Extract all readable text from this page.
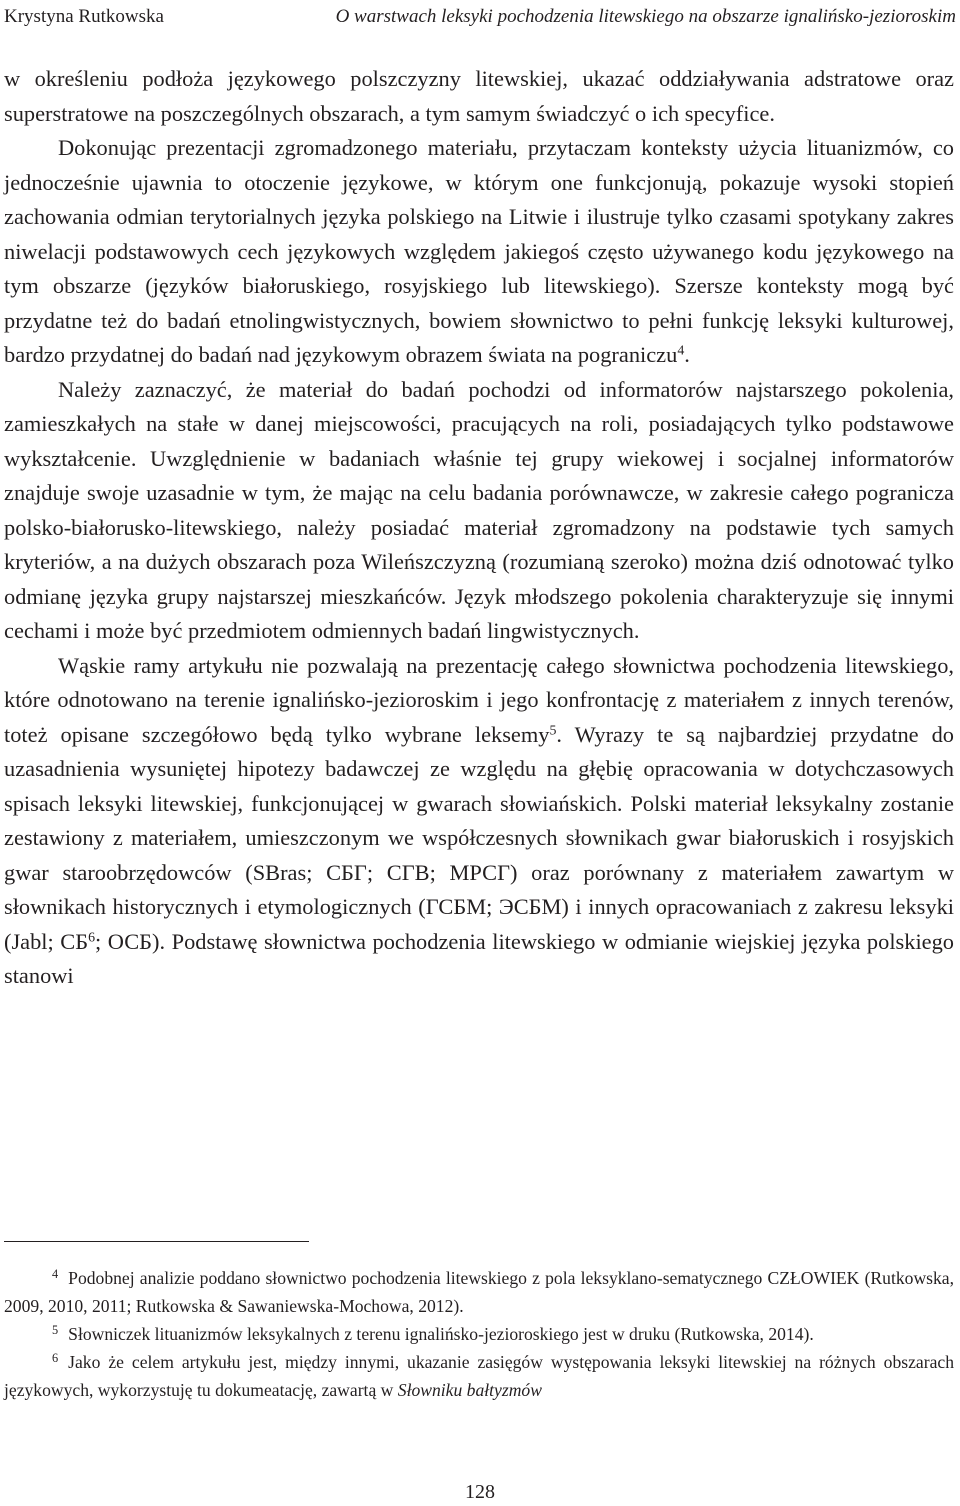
Krystyna Rutkowska	O warstwach leksyki pochodzenia litewskiego na obszarze ignalińsko-jezioroskim

w określeniu podłoża językowego polszczyzny litewskiej, ukazać oddziaływania adstratowe oraz superstratowe na poszczególnych obszarach, a tym samym świadczyć o ich specyfice.

Dokonując prezentacji zgromadzonego materiału, przytaczam konteksty użycia lituanizmów, co jednocześnie ujawnia to otoczenie językowe, w którym one funkcjonują, pokazuje wysoki stopień zachowania odmian terytorialnych języka polskiego na Litwie i ilustruje tylko czasami spotykany zakres niwelacji podstawowych cech językowych względem jakiegoś często używanego kodu językowego na tym obszarze (języków białoruskiego, rosyjskiego lub litewskiego). Szersze konteksty mogą być przydatne też do badań etnolingwistycznych, bowiem słownictwo to pełni funkcję leksyki kulturowej, bardzo przydatnej do badań nad językowym obrazem świata na pograniczu$^4$.

Należy zaznaczyć, że materiał do badań pochodzi od informatorów najstarszego pokolenia, zamieszkałych na stałe w danej miejscowości, pracujących na roli, posiadających tylko podstawowe wykształcenie. Uwzględnienie w badaniach właśnie tej grupy wiekowej i socjalnej informatorów znajduje swoje uzasadnie w tym, że mając na celu badania porównawcze, w zakresie całego pogranicza polsko-białorusko-litewskiego, należy posiadać materiał zgromadzony na podstawie tych samych kryteriów, a na dużych obszarach poza Wileńszczyzną (rozumianą szeroko) można dziś odnotować tylko odmianę języka grupy najstarszej mieszkańców. Język młodszego pokolenia charakteryzuje się innymi cechami i może być przedmiotem odmiennych badań lingwistycznych.

Wąskie ramy artykułu nie pozwalają na prezentację całego słownictwa pochodzenia litewskiego, które odnotowano na terenie ignalińsko-jezioroskim i jego konfrontację z materiałem z innych terenów, toteż opisane szczegółowo będą tylko wybrane leksemy$^5$. Wyrazy te są najbardziej przydatne do uzasadnienia wysuniętej hipotezy badawczej ze względu na głębię opracowania w dotychczasowych spisach leksyki litewskiej, funkcjonującej w gwarach słowiańskich. Polski materiał leksykalny zostanie zestawiony z materiałem, umieszczonym we współczesnych słownikach gwar białoruskich i rosyjskich gwar staroobrzędowców (SBras; СБГ; СГВ; МРСГ) oraz porównany z materiałem zawartym w słownikach historycznych i etymologicznych (ГСБМ; ЭСБМ) i innych opracowaniach z zakresu leksyki (Jabl; $СБ^6$; ОСБ). Podstawę słownictwa pochodzenia litewskiego w odmianie wiejskiej języka polskiego stanowi

$^4$ Podobnej analizie poddano słownictwo pochodzenia litewskiego z pola leksyklano-sematycznego CZŁOWIEK (Rutkowska, 2009, 2010, 2011; Rutkowska & Sawaniewska-Mochowa, 2012).

$^5$ Słowniczek lituanizmów leksykalnych z terenu ignalińsko-jezioroskiego jest w druku (Rutkowska, 2014).

$^6$ Jako że celem artykułu jest, między innymi, ukazanie zasięgów występowania leksyki litewskiej na różnych obszarach językowych, wykorzystuję tu dokumeatację, zawartą w Słowniku bałtyzmów

128
